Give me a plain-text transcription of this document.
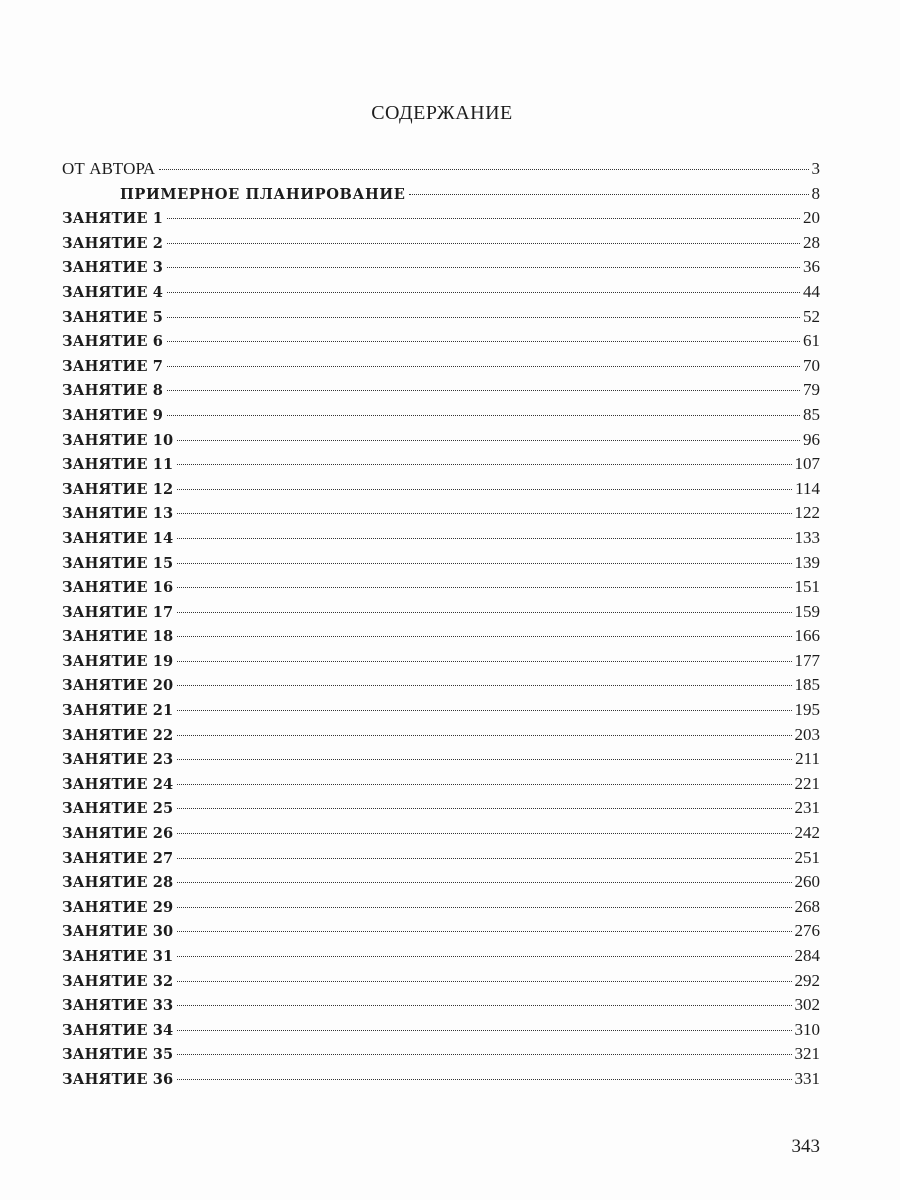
СОДЕРЖАНИЕ
ОТ АВТОРА	3
ПРИМЕРНОЕ ПЛАНИРОВАНИЕ	8
ЗАНЯТИЕ 1	20
ЗАНЯТИЕ 2	28
ЗАНЯТИЕ 3	36
ЗАНЯТИЕ 4	44
ЗАНЯТИЕ 5	52
ЗАНЯТИЕ 6	61
ЗАНЯТИЕ 7	70
ЗАНЯТИЕ 8	79
ЗАНЯТИЕ 9	85
ЗАНЯТИЕ 10	96
ЗАНЯТИЕ 11	107
ЗАНЯТИЕ 12	114
ЗАНЯТИЕ 13	122
ЗАНЯТИЕ 14	133
ЗАНЯТИЕ 15	139
ЗАНЯТИЕ 16	151
ЗАНЯТИЕ 17	159
ЗАНЯТИЕ 18	166
ЗАНЯТИЕ 19	177
ЗАНЯТИЕ 20	185
ЗАНЯТИЕ 21	195
ЗАНЯТИЕ 22	203
ЗАНЯТИЕ 23	211
ЗАНЯТИЕ 24	221
ЗАНЯТИЕ 25	231
ЗАНЯТИЕ 26	242
ЗАНЯТИЕ 27	251
ЗАНЯТИЕ 28	260
ЗАНЯТИЕ 29	268
ЗАНЯТИЕ 30	276
ЗАНЯТИЕ 31	284
ЗАНЯТИЕ 32	292
ЗАНЯТИЕ 33	302
ЗАНЯТИЕ 34	310
ЗАНЯТИЕ 35	321
ЗАНЯТИЕ 36	331
343
